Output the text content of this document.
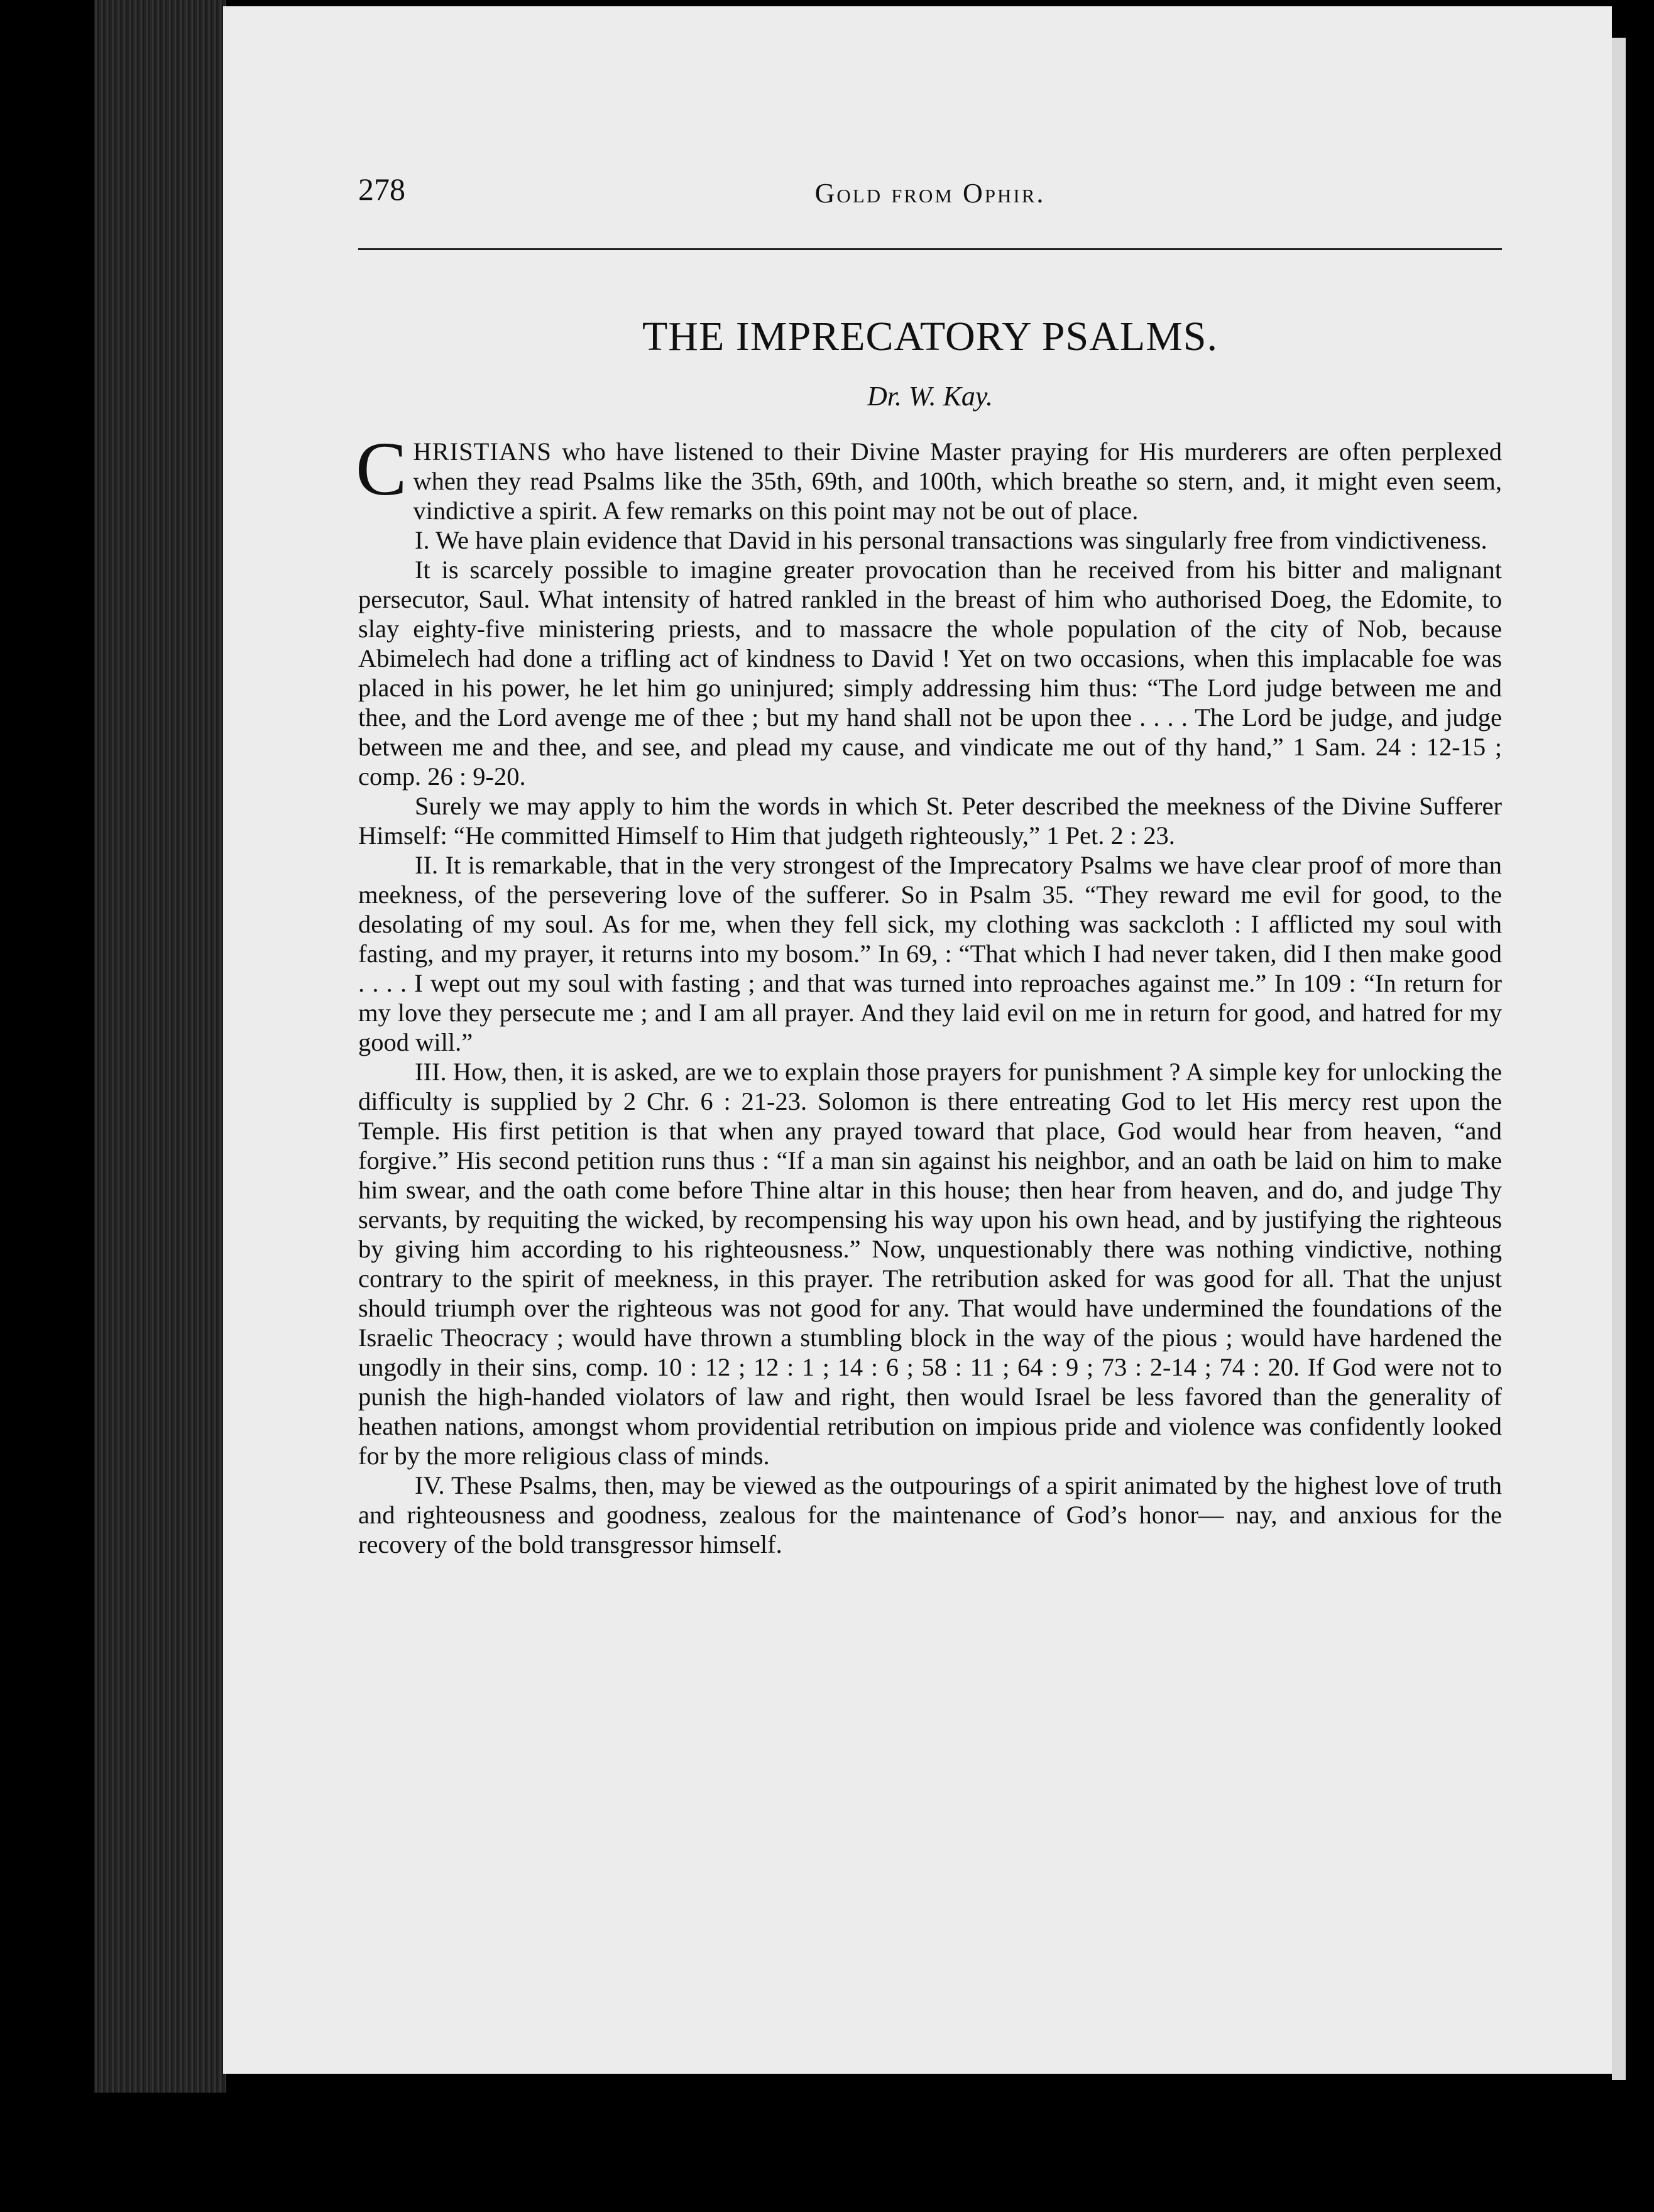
278	Gold from Ophir.
THE IMPRECATORY PSALMS.
Dr. W. Kay.

CHRISTIANS who have listened to their Divine Master praying for His murderers are often perplexed when they read Psalms like the 35th, 69th, and 100th, which breathe so stern, and, it might even seem, vindictive a spirit. A few remarks on this point may not be out of place.

I. We have plain evidence that David in his personal transactions was singularly free from vindictiveness.

It is scarcely possible to imagine greater provocation than he received from his bitter and malignant persecutor, Saul. What intensity of hatred rankled in the breast of him who authorised Doeg, the Edomite, to slay eighty-five ministering priests, and to massacre the whole population of the city of Nob, because Abimelech had done a trifling act of kindness to David ! Yet on two occasions, when this implacable foe was placed in his power, he let him go uninjured; simply addressing him thus: “The Lord judge between me and thee, and the Lord avenge me of thee ; but my hand shall not be upon thee . . . . The Lord be judge, and judge between me and thee, and see, and plead my cause, and vindicate me out of thy hand,” 1 Sam. 24 : 12-15 ; comp. 26 : 9-20.

Surely we may apply to him the words in which St. Peter described the meekness of the Divine Sufferer Himself: “He committed Himself to Him that judgeth righteously,” 1 Pet. 2 : 23.

II. It is remarkable, that in the very strongest of the Imprecatory Psalms we have clear proof of more than meekness, of the persevering love of the sufferer. So in Psalm 35. “They reward me evil for good, to the desolating of my soul. As for me, when they fell sick, my clothing was sackcloth : I afflicted my soul with fasting, and my prayer, it returns into my bosom.” In 69, : “That which I had never taken, did I then make good . . . . I wept out my soul with fasting ; and that was turned into reproaches against me.” In 109 : “In return for my love they persecute me ; and I am all prayer. And they laid evil on me in return for good, and hatred for my good will.”

III. How, then, it is asked, are we to explain those prayers for punishment ? A simple key for unlocking the difficulty is supplied by 2 Chr. 6 : 21-23. Solomon is there entreating God to let His mercy rest upon the Temple. His first petition is that when any prayed toward that place, God would hear from heaven, “and forgive.” His second petition runs thus : “If a man sin against his neighbor, and an oath be laid on him to make him swear, and the oath come before Thine altar in this house; then hear from heaven, and do, and judge Thy servants, by requiting the wicked, by recompensing his way upon his own head, and by justifying the righteous by giving him according to his righteousness.” Now, unquestionably there was nothing vindictive, nothing contrary to the spirit of meekness, in this prayer. The retribution asked for was good for all. That the unjust should triumph over the righteous was not good for any. That would have undermined the foundations of the Israelic Theocracy ; would have thrown a stumbling block in the way of the pious ; would have hardened the ungodly in their sins, comp. 10 : 12 ; 12 : 1 ; 14 : 6 ; 58 : 11 ; 64 : 9 ; 73 : 2-14 ; 74 : 20. If God were not to punish the high-handed violators of law and right, then would Israel be less favored than the generality of heathen nations, amongst whom providential retribution on impious pride and violence was confidently looked for by the more religious class of minds.

IV. These Psalms, then, may be viewed as the outpourings of a spirit animated by the highest love of truth and righteousness and goodness, zealous for the maintenance of God’s honor— nay, and anxious for the recovery of the bold transgressor himself.
